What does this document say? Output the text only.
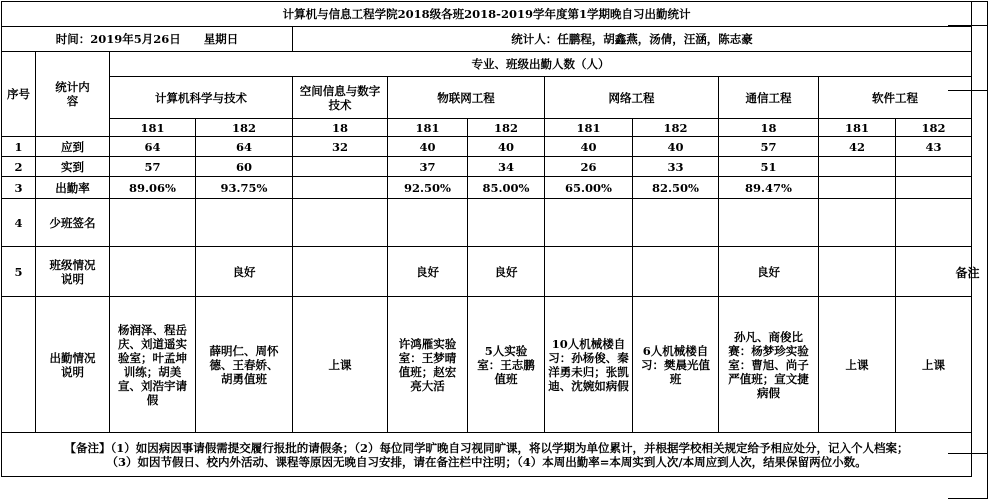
计算机与信息工程学院2018级各班2018-2019学年度第1学期晚自习出勤统计											
时间：2019年5月26日　　星期日				统计人：任鹏程，胡鑫燕，汤倩，汪涵，陈志豪							
序号	统计内容	专业、班级出勤人数（人）									
		计算机科学与技术		空间信息与数字技术	物联网工程		网络工程		通信工程	软件工程	
		181	182	18	181	182	181	182	18	181	182
1	应到	64	64	32	40	40	40	40	57	42	43
2	实到	57	60		37	34	26	33	51		
3	出勤率	89.06%	93.75%		92.50%	85.00%	65.00%	82.50%	89.47%		
4	少班签名										
5	班级情况说明		良好		良好	良好			良好		
	出勤情况说明	杨润泽、程岳庆、刘道遥实验室；叶孟坤训练；胡美宣、刘浩宇请假	薛明仁、周怀德、王春娇、胡勇值班	上课	许鸿雁实验室：王梦晴值班；赵宏亮大活	5人实验室：王志鹏值班	10人机械楼自习：孙杨俊、秦洋勇未归；张凯迪、沈婉如病假	6人机械楼自习：樊晨光值班	孙凡、商俊比赛：杨梦珍实验室：曹旭、尚子严值班；宣文捷病假	上课	上课

【备注】（1）如因病因事请假需提交履行报批的请假条；（2）每位同学旷晚自习视同旷课，将以学期为单位累计，并根据学校相关规定给予相应处分，记入个人档案；
（3）如因节假日、校内外活动、课程等原因无晚自习安排，请在备注栏中注明；（4）本周出勤率=本周实到人次/本周应到人次，结果保留两位小数。											
备注
